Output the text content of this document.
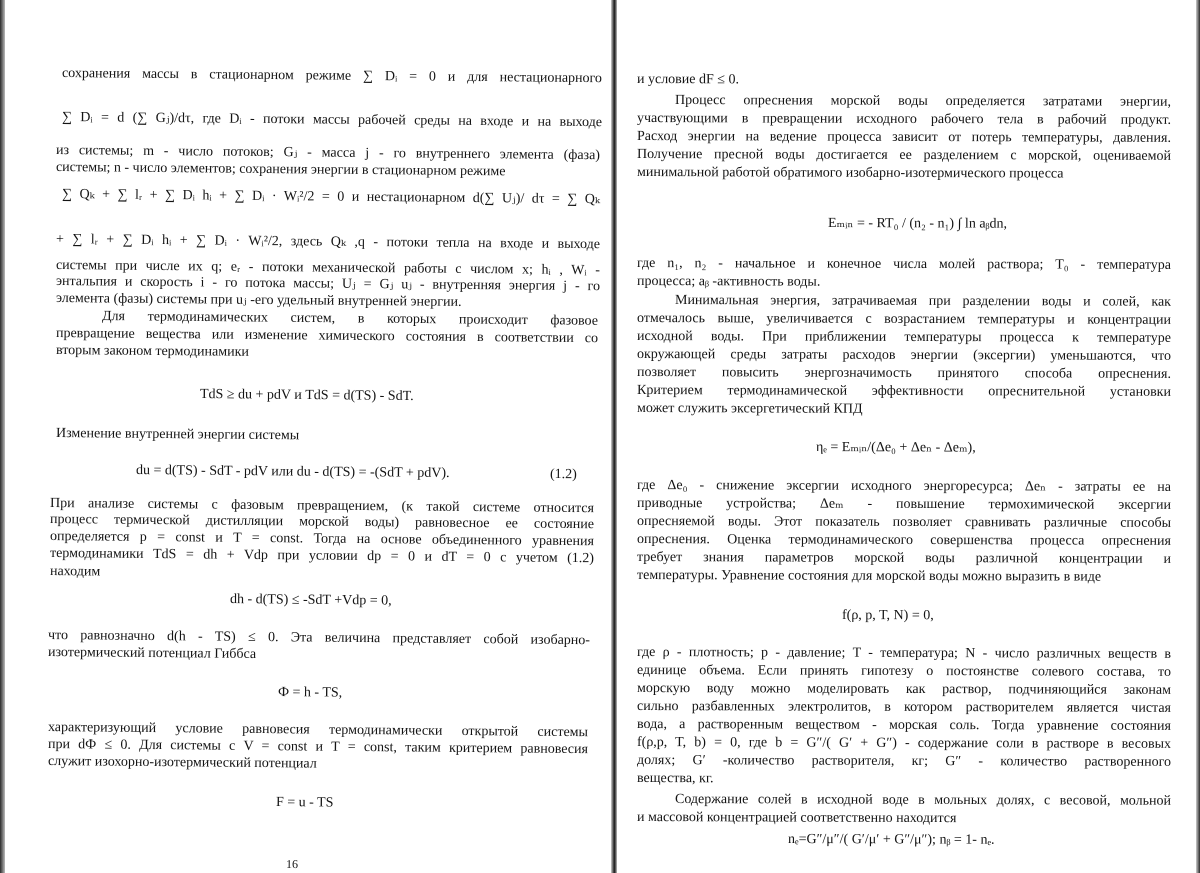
сохранения массы в стационарном режиме ∑ Dᵢ = 0 и для нестационарного
∑ Dᵢ = d (∑ Gⱼ)/dτ, где Dᵢ - потоки массы рабочей среды на входе и на выходе
из системы; m - число потоков; Gⱼ - масса j - го внутреннего элемента (фаза)
системы; n - число элементов; сохранения энергии в стационарном режиме
∑ Qₖ + ∑ lᵣ + ∑ Dᵢ hᵢ + ∑ Dᵢ · Wᵢ²/2 = 0 и нестационарном d(∑ Uⱼ)/ dτ = ∑ Qₖ
+ ∑ lᵣ + ∑ Dᵢ hᵢ + ∑ Dᵢ · Wᵢ²/2, здесь Qₖ ,q - потоки тепла на входе и выходе
системы при числе их q; eᵣ - потоки механической работы с числом x; hᵢ , Wᵢ -
энтальпия и скорость i - го потока массы; Uⱼ = Gⱼ uⱼ - внутренняя энергия j - го
элемента (фазы) системы при uⱼ -его удельный внутренней энергии.
Для термодинамических систем, в которых происходит фазовое
превращение вещества или изменение химического состояния в соответствии со
вторым законом термодинамики
TdS ≥ du + pdV и TdS = d(TS) - SdT.
Изменение внутренней энергии системы
du = d(TS) - SdT - pdV или du - d(TS) = -(SdT + pdV).	(1.2)
При анализе системы с фазовым превращением, (к такой системе относится
процесс термической дистилляции морской воды) равновесное ее состояние
определяется p = const и T = const. Тогда на основе объединенного уравнения
термодинамики TdS = dh + Vdp при условии dp = 0 и dT = 0 с учетом (1.2)
находим
dh - d(TS) ≤ -SdT +Vdp = 0,
что равнозначно d(h - TS) ≤ 0. Эта величина представляет собой изобарно-
изотермический потенциал Гиббса
Ф = h - TS,
характеризующий условие равновесия термодинамически открытой системы
при dФ ≤ 0. Для системы с V = const и T = const, таким критерием равновесия
служит изохорно-изотермический потенциал
F = u - TS
16
и условие dF ≤ 0.
Процесс опреснения морской воды определяется затратами энергии,
участвующими в превращении исходного рабочего тела в рабочий продукт.
Расход энергии на ведение процесса зависит от потерь температуры, давления.
Получение пресной воды достигается ее разделением с морской, оцениваемой
минимальной работой обратимого изобарно-изотермического процесса
Eₘᵢₙ = - RT₀ / (n₂ - n₁) ∫ ln aᵦdn,
где n₁, n₂ - начальное и конечное числа молей раствора; T₀ - температура
процесса; aᵦ -активность воды.
Минимальная энергия, затрачиваемая при разделении воды и солей, как
отмечалось выше, увеличивается с возрастанием температуры и концентрации
исходной воды. При приближении температуры процесса к температуре
окружающей среды затраты расходов энергии (эксергии) уменьшаются, что
позволяет повысить энергозначимость принятого способа опреснения.
Критерием термодинамической эффективности опреснительной установки
может служить эксергетический КПД
ηₑ = Eₘᵢₙ/(Δe₀ + Δeₙ - Δeₘ),
где Δe₀ - снижение эксергии исходного энергоресурса; Δeₙ - затраты ее на
приводные устройства; Δeₘ - повышение термохимической эксергии
опресняемой воды. Этот показатель позволяет сравнивать различные способы
опреснения. Оценка термодинамического совершенства процесса опреснения
требует знания параметров морской воды различной концентрации и
температуры. Уравнение состояния для морской воды можно выразить в виде
f(ρ, p, T, N) = 0,
где ρ - плотность; p - давление; T - температура; N - число различных веществ в
единице объема. Если принять гипотезу о постоянстве солевого состава, то
морскую воду можно моделировать как раствор, подчиняющийся законам
сильно разбавленных электролитов, в котором растворителем является чистая
вода, а растворенным веществом - морская соль. Тогда уравнение состояния
f(ρ,p, T, b) = 0, где b = G″/( G′ + G″) - содержание соли в растворе в весовых
долях; G′ -количество растворителя, кг; G″ - количество растворенного
вещества, кг.
Содержание солей в исходной воде в мольных долях, с весовой, мольной
и массовой концентрацией соответственно находится
nₑ=G″/μ″/( G′/μ′ + G″/μ″); nᵦ = 1- nₑ.
